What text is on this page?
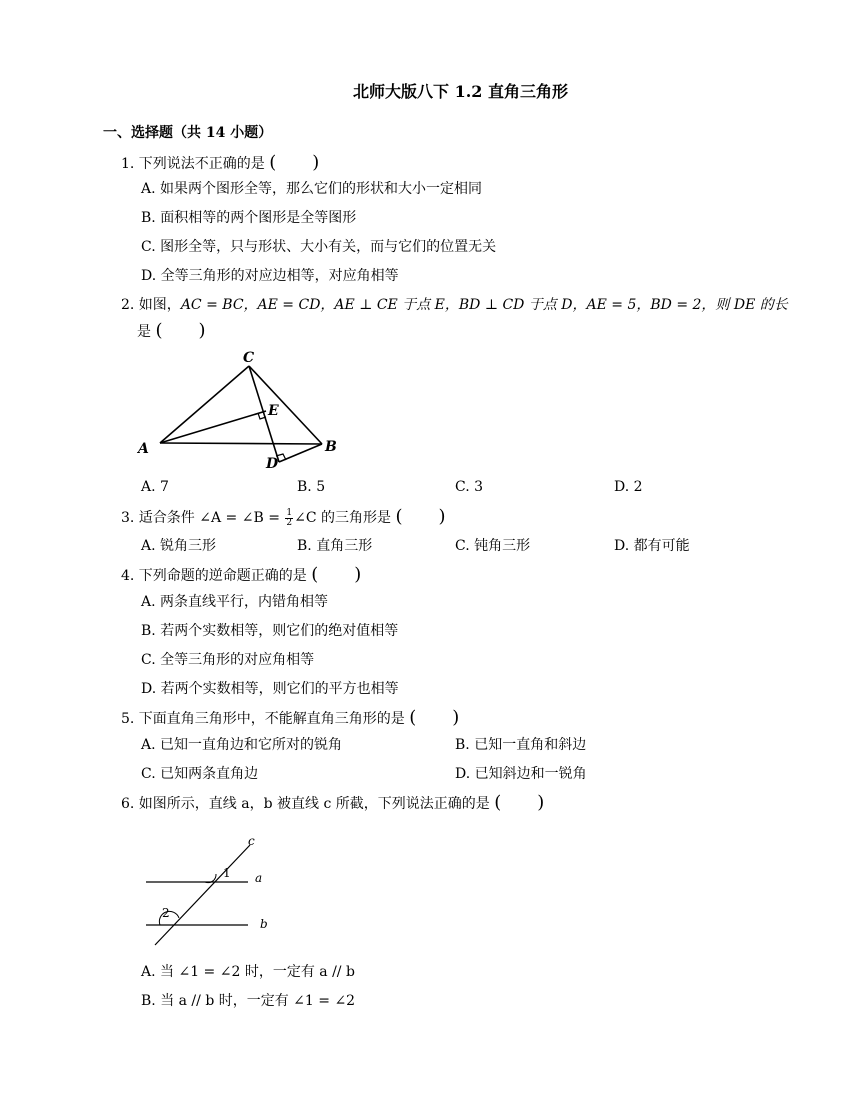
北师大版八下 1.2 直角三角形
一、选择题（共 14 小题）
1. 下列说法不正确的是 (　　)
A. 如果两个图形全等，那么它们的形状和大小一定相同
B. 面积相等的两个图形是全等图形
C. 图形全等，只与形状、大小有关，而与它们的位置无关
D. 全等三角形的对应边相等，对应角相等
2. 如图，AC = BC，AE = CD，AE ⊥ CE 于点 E，BD ⊥ CD 于点 D，AE = 5，BD = 2，则 DE 的长
是 (　　)
C
E
A	B
D
A. 7	B. 5	C. 3	D. 2
3. 适合条件 ∠A = ∠B = $\frac{1}{2}$ ∠C 的三角形是 (　　)
A. 锐角三形	B. 直角三形	C. 钝角三形	D. 都有可能
4. 下列命题的逆命题正确的是 (　　)
A. 两条直线平行，内错角相等
B. 若两个实数相等，则它们的绝对值相等
C. 全等三角形的对应角相等
D. 若两个实数相等，则它们的平方也相等
5. 下面直角三角形中，不能解直角三角形的是 (　　)
A. 已知一直角边和它所对的锐角	B. 已知一直角和斜边
C. 已知两条直角边	D. 已知斜边和一锐角
6. 如图所示，直线 a，b 被直线 c 所截，下列说法正确的是 (　　)
c
a
b
1
2
A. 当 ∠1 = ∠2 时，一定有 a // b
B. 当 a // b 时，一定有 ∠1 = ∠2
